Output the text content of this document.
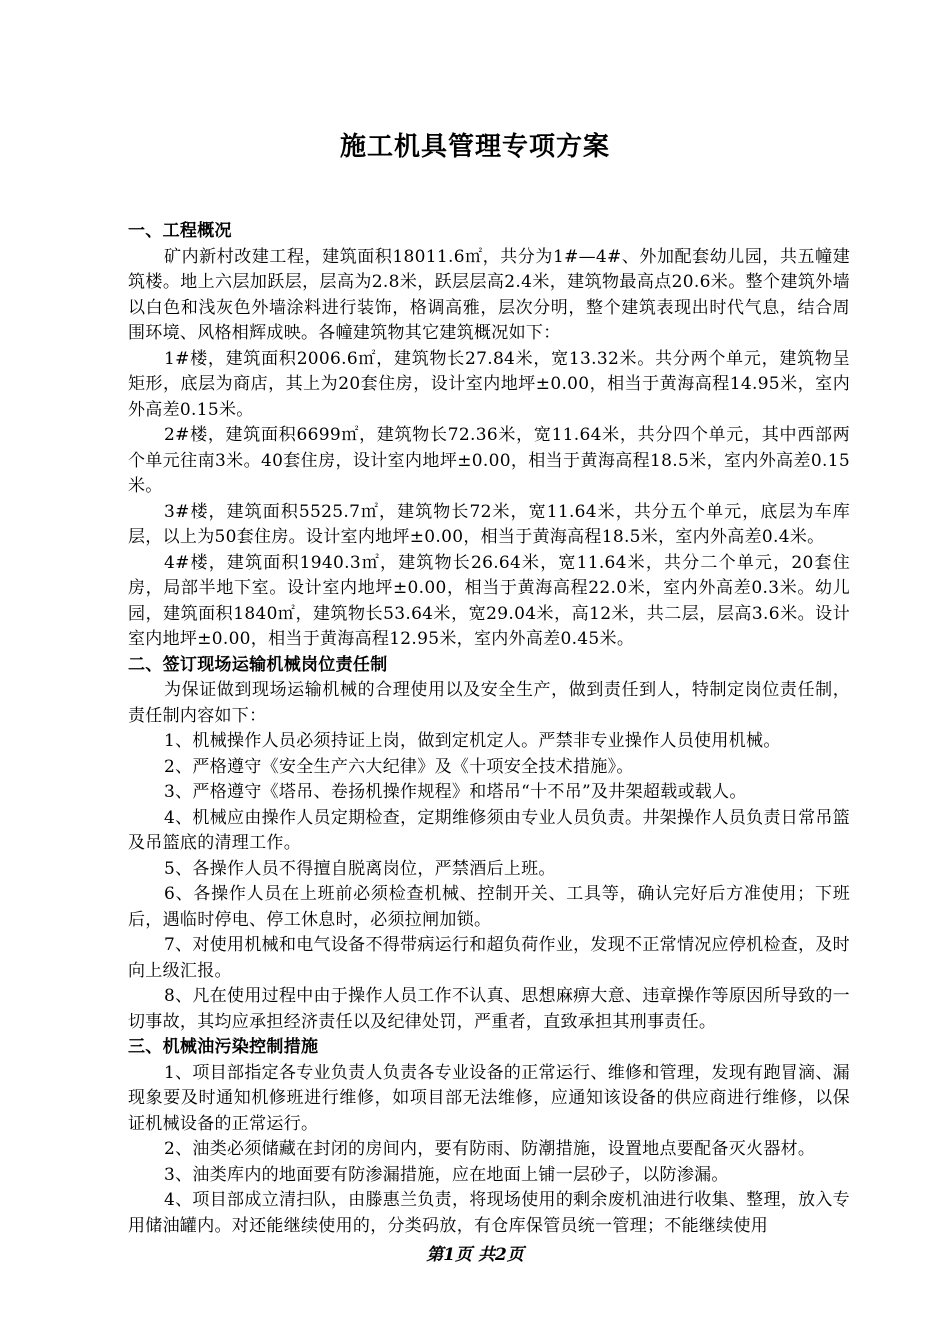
施工机具管理专项方案

一、工程概况

矿内新村改建工程，建筑面积18011.6㎡，共分为1#—4#、外加配套幼儿园，共五幢建筑楼。地上六层加跃层，层高为2.8米，跃层层高2.4米，建筑物最高点20.6米。整个建筑外墙以白色和浅灰色外墙涂料进行装饰，格调高雅，层次分明，整个建筑表现出时代气息，结合周围环境、风格相辉成映。各幢建筑物其它建筑概况如下：

1#楼，建筑面积2006.6㎡，建筑物长27.84米，宽13.32米。共分两个单元，建筑物呈矩形，底层为商店，其上为20套住房，设计室内地坪±0.00，相当于黄海高程14.95米，室内外高差0.15米。

2#楼，建筑面积6699㎡，建筑物长72.36米，宽11.64米，共分四个单元，其中西部两个单元往南3米。40套住房，设计室内地坪±0.00，相当于黄海高程18.5米，室内外高差0.15米。

3#楼，建筑面积5525.7㎡，建筑物长72米，宽11.64米，共分五个单元，底层为车库层，以上为50套住房。设计室内地坪±0.00，相当于黄海高程18.5米，室内外高差0.4米。

4#楼，建筑面积1940.3㎡，建筑物长26.64米，宽11.64米，共分二个单元，20套住房，局部半地下室。设计室内地坪±0.00，相当于黄海高程22.0米，室内外高差0.3米。幼儿园，建筑面积1840㎡，建筑物长53.64米，宽29.04米，高12米，共二层，层高3.6米。设计室内地坪±0.00，相当于黄海高程12.95米，室内外高差0.45米。

二、签订现场运输机械岗位责任制

为保证做到现场运输机械的合理使用以及安全生产，做到责任到人，特制定岗位责任制，责任制内容如下：

1、机械操作人员必须持证上岗，做到定机定人。严禁非专业操作人员使用机械。

2、严格遵守《安全生产六大纪律》及《十项安全技术措施》。

3、严格遵守《塔吊、卷扬机操作规程》和塔吊“十不吊”及井架超载或载人。

4、机械应由操作人员定期检查，定期维修须由专业人员负责。井架操作人员负责日常吊篮及吊篮底的清理工作。

5、各操作人员不得擅自脱离岗位，严禁酒后上班。

6、各操作人员在上班前必须检查机械、控制开关、工具等，确认完好后方准使用；下班后，遇临时停电、停工休息时，必须拉闸加锁。

7、对使用机械和电气设备不得带病运行和超负荷作业，发现不正常情况应停机检查，及时向上级汇报。

8、凡在使用过程中由于操作人员工作不认真、思想麻痹大意、违章操作等原因所导致的一切事故，其均应承担经济责任以及纪律处罚，严重者，直致承担其刑事责任。

三、机械油污染控制措施

1、项目部指定各专业负责人负责各专业设备的正常运行、维修和管理，发现有跑冒滴、漏现象要及时通知机修班进行维修，如项目部无法维修，应通知该设备的供应商进行维修，以保证机械设备的正常运行。

2、油类必须储藏在封闭的房间内，要有防雨、防潮措施，设置地点要配备灭火器材。

3、油类库内的地面要有防渗漏措施，应在地面上铺一层砂子，以防渗漏。

4、项目部成立清扫队，由滕惠兰负责，将现场使用的剩余废机油进行收集、整理，放入专用储油罐内。对还能继续使用的，分类码放，有仓库保管员统一管理；不能继续使用

第1页 共2页
